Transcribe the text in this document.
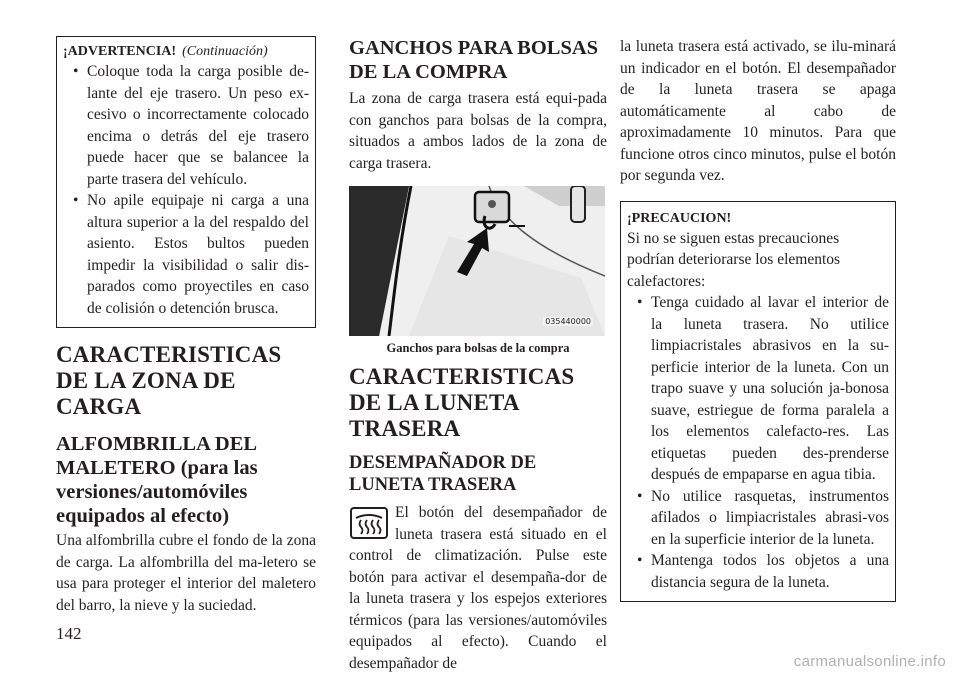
¡ADVERTENCIA! (Continuación)
• Coloque toda la carga posible de-lante del eje trasero. Un peso ex-cesivo o incorrectamente colocado encima o detrás del eje trasero puede hacer que se balancee la parte trasera del vehículo.
• No apile equipaje ni carga a una altura superior a la del respaldo del asiento. Estos bultos pueden impedir la visibilidad o salir dis-parados como proyectiles en caso de colisión o detención brusca.
CARACTERISTICAS DE LA ZONA DE CARGA
ALFOMBRILLA DEL MALETERO (para las versiones/automóviles equipados al efecto)

Una alfombrilla cubre el fondo de la zona de carga. La alfombrilla del ma-letero se usa para proteger el interior del maletero del barro, la nieve y la suciedad.

GANCHOS PARA BOLSAS DE LA COMPRA

La zona de carga trasera está equi-pada con ganchos para bolsas de la compra, situados a ambos lados de la zona de carga trasera.

035440000
Ganchos para bolsas de la compra
CARACTERISTICAS DE LA LUNETA TRASERA
DESEMPAÑADOR DE LUNETA TRASERA

El botón del desempañador de luneta trasera está situado en el control de climatización. Pulse este botón para activar el desempaña-dor de la luneta trasera y los espejos exteriores térmicos (para las versiones/automóviles equipados al efecto). Cuando el desempañador de

la luneta trasera está activado, se ilu-minará un indicador en el botón. El desempañador de la luneta trasera se apaga automáticamente al cabo de aproximadamente 10 minutos. Para que funcione otros cinco minutos, pulse el botón por segunda vez.

¡PRECAUCION!

Si no se siguen estas precauciones podrían deteriorarse los elementos calefactores:

• Tenga cuidado al lavar el interior de la luneta trasera. No utilice limpiacristales abrasivos en la su-perficie interior de la luneta. Con un trapo suave y una solución ja-bonosa suave, estriegue de forma paralela a los elementos calefacto-res. Las etiquetas pueden des-prenderse después de empaparse en agua tibia.
• No utilice rasquetas, instrumentos afilados o limpiacristales abrasi-vos en la superficie interior de la luneta.
• Mantenga todos los objetos a una distancia segura de la luneta.
142
carmanualsonline.info
